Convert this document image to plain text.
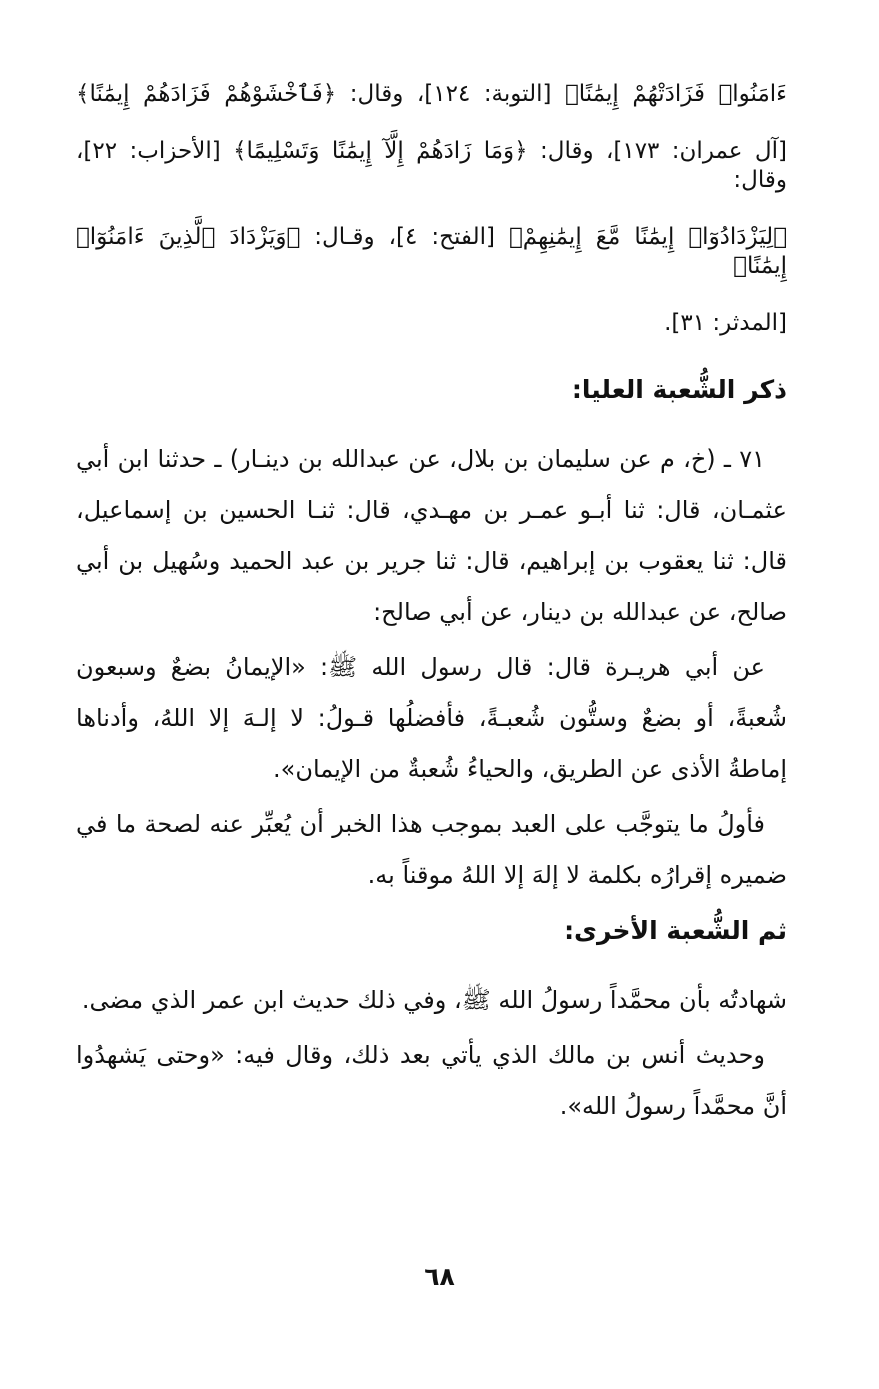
ءَامَنُوا۟ فَزَادَتْهُمْ إِيمَٰنًا﴾ [التوبة: ١٢٤]، وقال: ﴿فَٱخْشَوْهُمْ فَزَادَهُمْ إِيمَٰنًا﴾
[آل عمران: ١٧٣]، وقال: ﴿وَمَا زَادَهُمْ إِلَّآ إِيمَٰنًا وَتَسْلِيمًا﴾ [الأحزاب: ٢٢]، وقال:
﴿لِيَزْدَادُوٓا۟ إِيمَٰنًا مَّعَ إِيمَٰنِهِمْ﴾ [الفتح: ٤]، وقـال: ﴿وَيَزْدَادَ ٱلَّذِينَ ءَامَنُوٓا۟ إِيمَٰنًا﴾
[المدثر: ٣١].
ذكر الشُّعبة العليا:

٧١ ـ (خ، م عن سليمان بن بلال، عن عبدالله بن دينـار) ـ حدثنا ابن أبي عثمـان، قال: ثنا أبـو عمـر بن مهـدي، قال: ثنـا الحسين بن إسماعيل، قال: ثنا يعقوب بن إبراهيم، قال: ثنا جرير بن عبد الحميد وسُهيل بن أبي صالح، عن عبدالله بن دينار، عن أبي صالح:

عن أبي هريـرة قال: قال رسول الله ﷺ: «الإيمانُ بضعٌ وسبعون شُعبةً، أو بضعٌ وستُّون شُعبـةً، فأفضلُها قـولُ: لا إلـهَ إلا اللهُ، وأدناها إماطةُ الأذى عن الطريق، والحياءُ شُعبةٌ من الإيمان».

فأولُ ما يتوجَّب على العبد بموجب هذا الخبر أن يُعبِّر عنه لصحة ما في ضميره إقرارُه بكلمة لا إلهَ إلا اللهُ موقناً به.

ثم الشُّعبة الأخرى:

شهادتُه بأن محمَّداً رسولُ الله ﷺ، وفي ذلك حديث ابن عمر الذي مضى.

وحديث أنس بن مالك الذي يأتي بعد ذلك، وقال فيه: «وحتى يَشهدُوا أنَّ محمَّداً رسولُ الله».

٦٨
